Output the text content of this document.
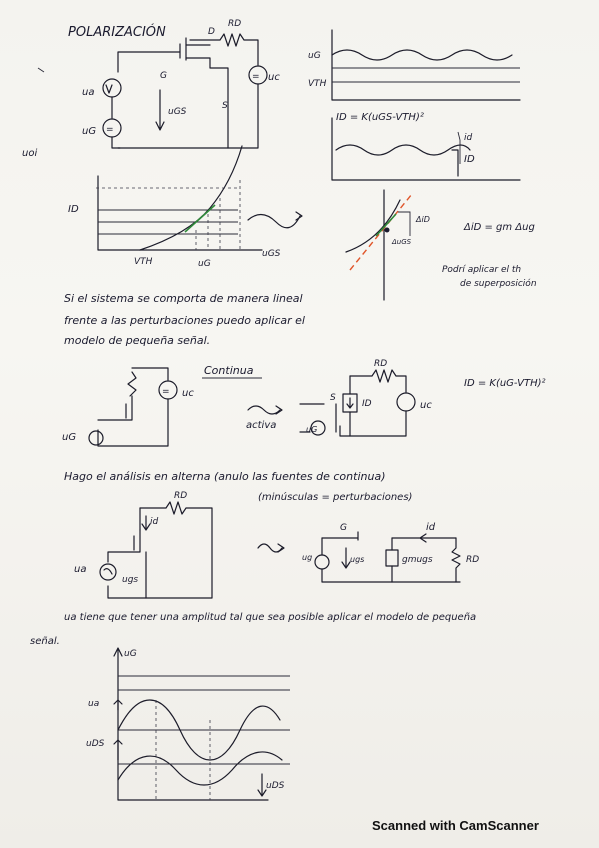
POLARIZACIÓN
=
=
D
RD
G
S
ua
uG
uc
uGS
uG
VTH
ID = K(uGS-VTH)²
id
ID
uoi
ID
VTH	uG
uGS
ΔiD
ΔuGS
ΔiD = gm Δug
Podrí aplicar el th
de superposición
Si el sistema se comporta de manera lineal
frente a las perturbaciones puedo aplicar el
modelo de pequeña señal.
Continua
= uc
uG
activa
S
RD
ID	uc
uG
ID = K(uG-VTH)²
Hago el análisis en alterna (anulo las fuentes de continua)
(minúsculas = perturbaciones)
RD
id
ua
ugs
G
ugs
ug
id
gmugs	RD
ua tiene que tener una amplitud tal que sea posible aplicar el modelo de pequeña
señal.
uG
ua
uDS
uDS
Scanned with CamScanner
